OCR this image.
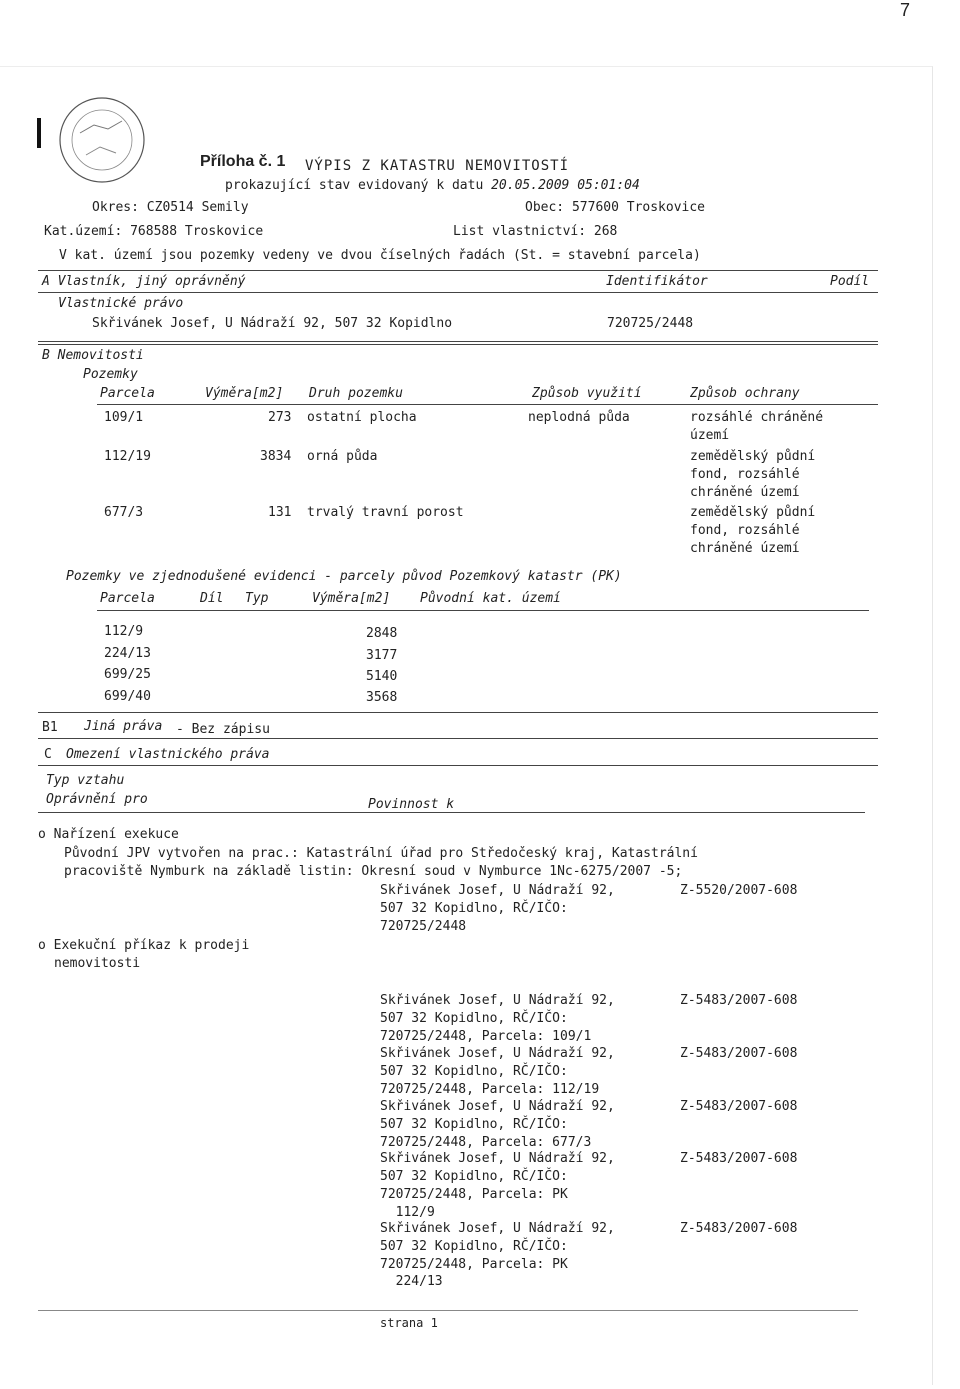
7
Příloha č. 1 VÝPIS Z KATASTRU NEMOVITOSTÍ
prokazující stav evidovaný k datu 20.05.2009 05:01:04
Okres: CZ0514 Semily	Obec: 577600 Troskovice
Kat.území: 768588 Troskovice	List vlastnictví: 268
V kat. území jsou pozemky vedeny ve dvou číselných řadách (St. = stavební parcela)
A Vlastník, jiný oprávněný	Identifikátor	Podíl
Vlastnické právo
Skřivánek Josef, U Nádraží 92, 507 32 Kopidlno	720725/2448
B Nemovitosti
Pozemky
Parcela	Výměra[m2] Druh pozemku	Způsob využití	Způsob ochrany
109/1	273 ostatní plocha	neplodná půda	rozsáhlé chráněné
území
112/19	3834 orná půda	zemědělský půdní
fond, rozsáhlé
chráněné území
677/3	131 trvalý travní porost	zemědělský půdní
fond, rozsáhlé
chráněné území
Pozemky ve zjednodušené evidenci - parcely původ Pozemkový katastr (PK)
Parcela	Díl Typ	Výměra[m2] Původní kat. území
112/9	2848
224/13	3177
699/25	5140
699/40	3568
B1 Jiná práva - Bez zápisu
C Omezení vlastnického práva
Typ vztahu
Oprávnění pro	Povinnost k
o Nařízení exekuce
Původní JPV vytvořen na prac.: Katastrální úřad pro Středočeský kraj, Katastrální
pracoviště Nymburk na základě listin: Okresní soud v Nymburce 1Nc-6275/2007 -5;
Skřivánek Josef, U Nádraží 92,	Z-5520/2007-608
507 32 Kopidlno, RČ/IČO:
720725/2448
o Exekuční příkaz k prodeji
nemovitosti
Skřivánek Josef, U Nádraží 92,	Z-5483/2007-608
507 32 Kopidlno, RČ/IČO:
720725/2448, Parcela: 109/1
Skřivánek Josef, U Nádraží 92,	Z-5483/2007-608
507 32 Kopidlno, RČ/IČO:
720725/2448, Parcela: 112/19
Skřivánek Josef, U Nádraží 92,	Z-5483/2007-608
507 32 Kopidlno, RČ/IČO:
720725/2448, Parcela: 677/3
Skřivánek Josef, U Nádraží 92,	Z-5483/2007-608
507 32 Kopidlno, RČ/IČO:
720725/2448, Parcela: PK
112/9
Skřivánek Josef, U Nádraží 92,	Z-5483/2007-608
507 32 Kopidlno, RČ/IČO:
720725/2448, Parcela: PK
224/13
strana 1
